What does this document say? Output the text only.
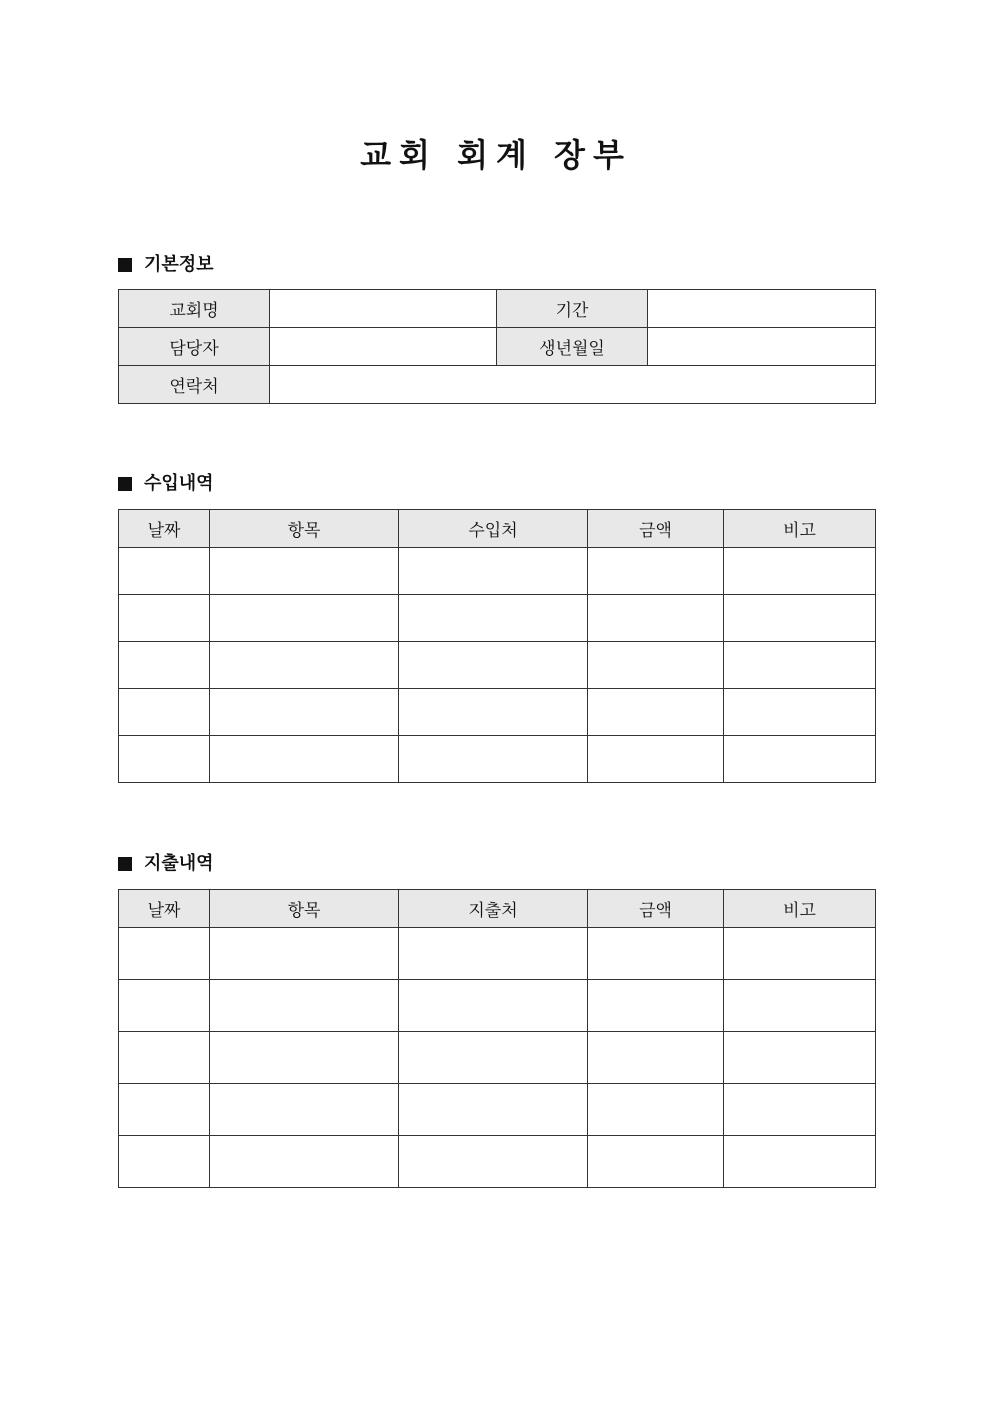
교회 회계 장부
기본정보
교회명		기간	
담당자		생년월일	
연락처			
수입내역
날짜	항목	수입처	금액	비고

지출내역
날짜	항목	지출처	금액	비고
